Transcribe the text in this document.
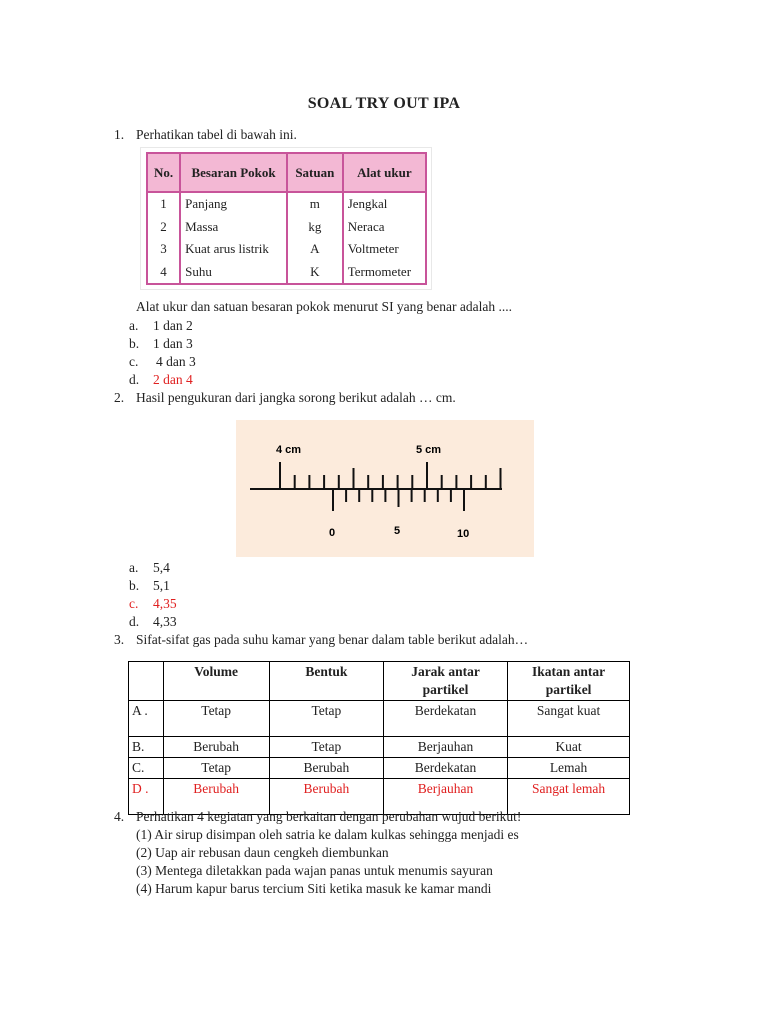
SOAL TRY OUT IPA
1. Perhatikan tabel di bawah ini.
No.	Besaran Pokok	Satuan	Alat ukur
1	Panjang	m	Jengkal
2	Massa	kg	Neraca
3	Kuat arus listrik	A	Voltmeter
4	Suhu	K	Termometer
Alat ukur dan satuan besaran pokok menurut SI yang benar adalah ....
a. 1 dan 2
b. 1 dan 3
c. 4 dan 3
d. 2 dan 4
2. Hasil pengukuran dari jangka sorong berikut adalah … cm.
4 cm	5 cm
0	5	10
a. 5,4
b. 5,1
c. 4,35
d. 4,33
3. Sifat-sifat gas pada suhu kamar yang benar dalam table berikut adalah…
	Volume	Bentuk	Jarak antar partikel	Ikatan antar partikel
A .	Tetap	Tetap	Berdekatan	Sangat kuat
B.	Berubah	Tetap	Berjauhan	Kuat
C.	Tetap	Berubah	Berdekatan	Lemah
D .	Berubah	Berubah	Berjauhan	Sangat lemah
4. Perhatikan 4 kegiatan yang berkaitan dengan perubahan wujud berikut!
(1) Air sirup disimpan oleh satria ke dalam kulkas sehingga menjadi es
(2) Uap air rebusan daun cengkeh diembunkan
(3) Mentega diletakkan pada wajan panas untuk menumis sayuran
(4) Harum kapur barus tercium Siti ketika masuk ke kamar mandi
